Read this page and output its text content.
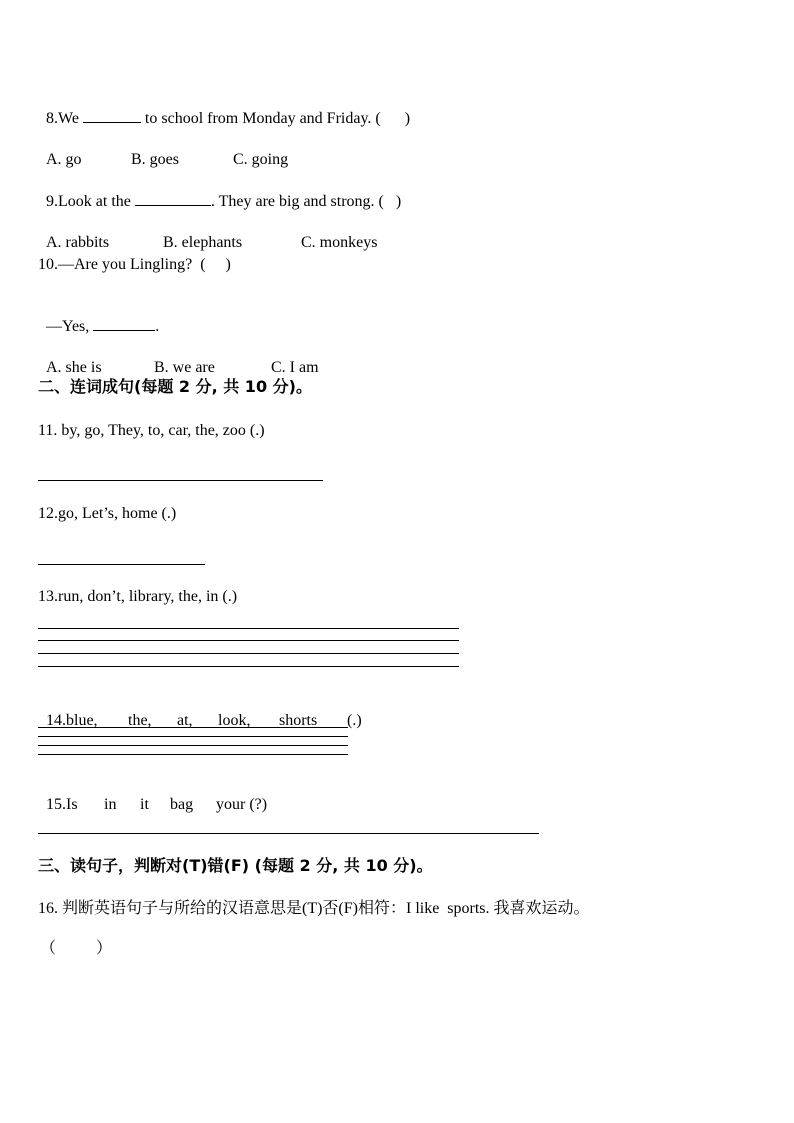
8.We	to school from Monday and Friday. (      )

A. go	B. goes	C. going

9.Look at the	. They are big and strong. (   )

A. rabbits	B. elephants	C. monkeys

10.—Are you Lingling?  (     )

—Yes,	.

A. she is	B. we are	C. I am

二、连词成句(每题 2 分, 共 10 分)。
11. by, go, They, to, car, the, zoo (.)
12.go, Let’s, home (.)
13.run, don’t, library, the, in (.)

14.blue, the, at, look, shorts (.)

15.Is in it bag your (?)

三、读句子，判断对(T)错(F) (每题 2 分, 共 10 分)。
16. 判断英语句子与所给的汉语意思是(T)否(F)相符：I like  sports. 我喜欢运动。
（          ）
